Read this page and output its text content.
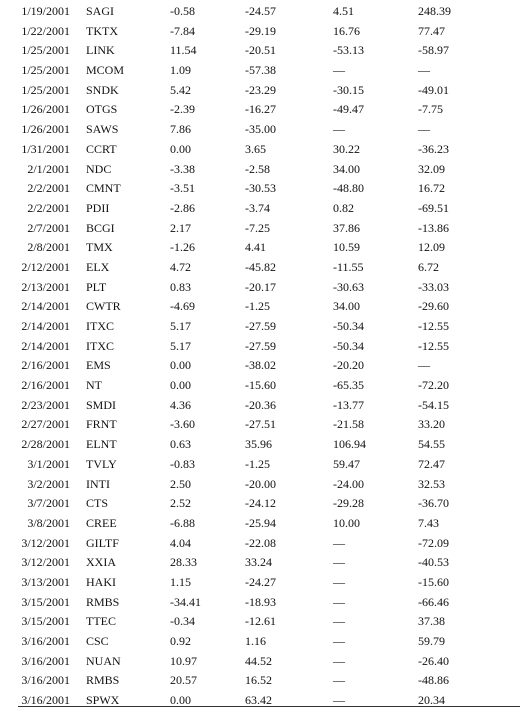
1/19/2001 SAGI	-0.58	-24.57	4.51	248.39
1/22/2001 TKTX	-7.84	-29.19	16.76	77.47
1/25/2001 LINK	11.54	-20.51	-53.13	-58.97
1/25/2001 MCOM	1.09	-57.38	—	—
1/25/2001 SNDK	5.42	-23.29	-30.15	-49.01
1/26/2001 OTGS	-2.39	-16.27	-49.47	-7.75
1/26/2001 SAWS	7.86	-35.00	—	—
1/31/2001 CCRT	0.00	3.65	30.22	-36.23
2/1/2001 NDC	-3.38	-2.58	34.00	32.09
2/2/2001 CMNT	-3.51	-30.53	-48.80	16.72
2/2/2001 PDII	-2.86	-3.74	0.82	-69.51
2/7/2001 BCGI	2.17	-7.25	37.86	-13.86
2/8/2001 TMX	-1.26	4.41	10.59	12.09
2/12/2001 ELX	4.72	-45.82	-11.55	6.72
2/13/2001 PLT	0.83	-20.17	-30.63	-33.03
2/14/2001 CWTR	-4.69	-1.25	34.00	-29.60
2/14/2001 ITXC	5.17	-27.59	-50.34	-12.55
2/14/2001 ITXC	5.17	-27.59	-50.34	-12.55
2/16/2001 EMS	0.00	-38.02	-20.20	—
2/16/2001 NT	0.00	-15.60	-65.35	-72.20
2/23/2001 SMDI	4.36	-20.36	-13.77	-54.15
2/27/2001 FRNT	-3.60	-27.51	-21.58	33.20
2/28/2001 ELNT	0.63	35.96	106.94	54.55
3/1/2001 TVLY	-0.83	-1.25	59.47	72.47
3/2/2001 INTI	2.50	-20.00	-24.00	32.53
3/7/2001 CTS	2.52	-24.12	-29.28	-36.70
3/8/2001 CREE	-6.88	-25.94	10.00	7.43
3/12/2001 GILTF	4.04	-22.08	—	-72.09
3/12/2001 XXIA	28.33	33.24	—	-40.53
3/13/2001 HAKI	1.15	-24.27	—	-15.60
3/15/2001 RMBS	-34.41	-18.93	—	-66.46
3/15/2001 TTEC	-0.34	-12.61	—	37.38
3/16/2001 CSC	0.92	1.16	—	59.79
3/16/2001 NUAN	10.97	44.52	—	-26.40
3/16/2001 RMBS	20.57	16.52	—	-48.86
3/16/2001 SPWX	0.00	63.42	—	20.34
